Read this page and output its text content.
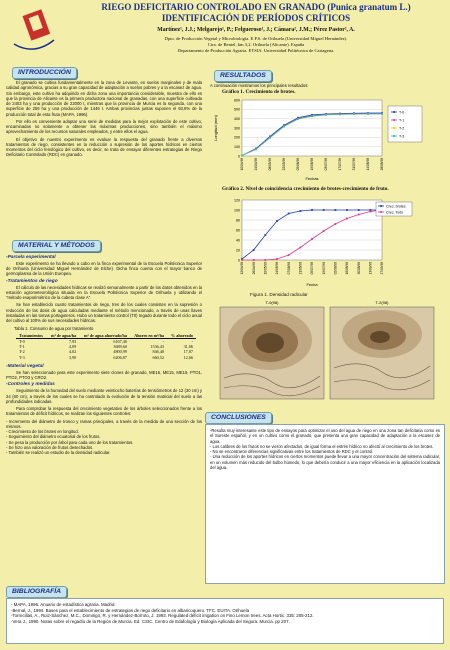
RIEGO DEFICITARIO CONTROLADO EN GRANADO (Punica granatum L.)
IDENTIFICACIÓN DE PERÍODOS CRÍTICOS
Martínez¹, J.J.; Melgarejo¹, P.; Felgueroso¹, J.; Cámara², J.M.; Pérez Pastor², A.
Dpto. de Producción Vegetal y Microbiología. E.P.S. de Orihuela (Universidad Miguel Hernández).
Ctra. de Beniel, km 3,2. Orihuela (Alicante). España
Departamento de Producción Agraria. ETSIA. Universidad Politécnica de Cartagena.
INTRODUCCIÓN

El granado se cultiva fundamentalmente en la zona de Levante, en suelos marginales y de mala calidad agronómica, gracias a su gran capacidad de adaptación a suelos pobres y a la escasez de agua. Sin embargo, este cultivo ha adquirido en dicha zona una importancia considerable, muestra de ello es que la provincia de Alicante es la primera productora nacional de granadas, con una superficie cultivada de 2403 ha y una producción de 22000 t, mientras que la provincia de Murcia es la segunda, con una superficie de 256 ha y una producción de 1446 t. Ambas provincias juntas suponen el 93,6% de la producción total de esta fruta (MAPA, 1996).

Por ello es conveniente adoptar una serie de medidas para la mejor explotación de este cultivo, encaminadas no solamente a obtener las máximas producciones, sino también el máximo aprovechamiento de los recursos naturales empleados, y entre ellos el agua.

El objetivo de nuestro experimento es evaluar la respuesta del granado frente a diversos tratamientos de riego, consistentes en la reducción o supresión de los aportes hídricos en ciertos momentos del ciclo fenológico del cultivo, es decir, se trata de ensayar diferentes estrategias de Riego Deficitario Controlado (RDC) en granado.

MATERIAL Y MÉTODOS
-Parcela experimental

Este experimento se ha llevado a cabo en la finca experimental de la Escuela Politécnica Superior de Orihuela (Universidad Miguel Hernández de Elche). Dicha finca cuenta con el mayor banco de germoplasma de la Unión Europea.

-Tratamientos de riego

El cálculo de las necesidades hídricas se realizó semanalmente a partir de los datos obtenidos en la estación agrometeorológica situada en la Escuela Politécnica Superior de Orihuela y utilizando el "método evaporimétrico de la cubeta clase A".

Se han establecido cuatro tratamientos de riego, tres de los cuales consisten en la supresión o reducción de las dosis de agua calculadas mediante el método mencionado, a través de unas llaves instaladas en las tomas portagoteros. Hubo un tratamiento control (T0) regado durante todo el ciclo anual del cultivo al 100% de sus necesidades hídricas.

Tabla 1. Consumo de agua por tratamiento
Tratamientos	m³ de agua/ha	m³ de agua ahorrado/ha	Ahorro en m³/ha	% ahorrado
T-0	7,93	6167,40	-	-
T-1	4,09	3689,60	1536,43	31,06
T-2	4,02	4800,99	846,40	17,07
T-3	3,90	6206,87	660,52	12,66
-Material vegetal

Se han seleccionado para este experimento siete clones de granado, ME16, ME15, ME19, PTO1, PTO2, PTO3 y CRO2.

-Controles y medidas

Seguimiento de la humedad del suelo mediante veintiocho baterías de tensiómetros de 12 (30 cm) y 24 (60 cm), a través de los cuales se ha controlado la evolución de la tensión matricial del suelo a las profundidades indicadas.

Para comprobar la respuesta del crecimiento vegetativo de los árboles seleccionados frente a los tratamientos de déficit hídricos, se realizan los siguientes controles:

- Incremento del diámetro de tronco y ramas principales, a través de la medida de una sección de los mismos.
- Crecimiento de los brotes en longitud.
- Seguimiento del diámetro ecuatorial de los frutos.
- Se pesa la producción por árbol para cada uno de los tratamientos.
- Se hizo una valoración de frutos desechados.
- También se realizó un estudio de la densidad radicular.
RESULTADOS
A continuación mostramos los principales resultados:
Gráfico 1. Crecimiento de brotes.
Longitud (mm)
Fechas
0
100
200
300
400
500
600
10/04/98	24/04/98	08/05/98	22/05/98	05/06/98	19/06/98	03/07/98	17/07/98	31/07/98	14/08/98	28/08/98
T-0
T-1
T-2
T-3
Gráfico 2. Nivel de coincidencia crecimiento de brotes-crecimiento de fruto.
Fecha
0
20
40
60
80
100
120
12/04/98 26/04/98 10/05/98 24/05/98 07/06/98 21/06/98 05/07/98 19/07/98 02/08/98 16/08/98 30/08/98 13/09/98 27/09/98
Crec. brotes
Crec. fruto
Figura 1. Densidad radicular
T-0(98)	T-2(98)
CONCLUSIONES
-Resulta muy interesante este tipo de ensayos para optimizar el uso del agua de riego en una zona tan deficitaria como es el Sureste español, y en un cultivo como el granado, que presenta una gran capacidad de adaptación a la escasez de agua.
- Los calibres de los frutos no se vieron afectados, de igual forma el estrés hídrico no afectó al crecimiento de los brotes.
- No se encontraron diferencias significativas entre los tratamientos de RDC y el control.
- Una reducción de los aportes hídricos en ciertos momentos puede llevar a una mayor concentración del sistema radicular, en un volumen más reducido del bulbo húmedo, lo que debería conducir a una mayor eficiencia en la aplicación localizada del agua.
BIBLIOGRAFÍA
- MAPA, 1996. Anuario de estadística agraria. Madrid.
-Bernal, J., 1994. Bases para el establecimiento de estrategias de riego deficitario en albaricoquero. TFC. EUITA. Orihuela
-Torrecillas, A., Ruiz-Sánchez, M.C., Domingo, R. y Hernández-Borroto, J. 1993. Regulated déficit irrigation on Fino Lemon trees. Acta Hortic. 335: 205-212.
-Vera J., 1990. Notas sobre el regadío de la Región de Murcia. Ed. CSIC. Centro de Edafología y Biología Aplicada del Segura. Murcia. pp 207.
